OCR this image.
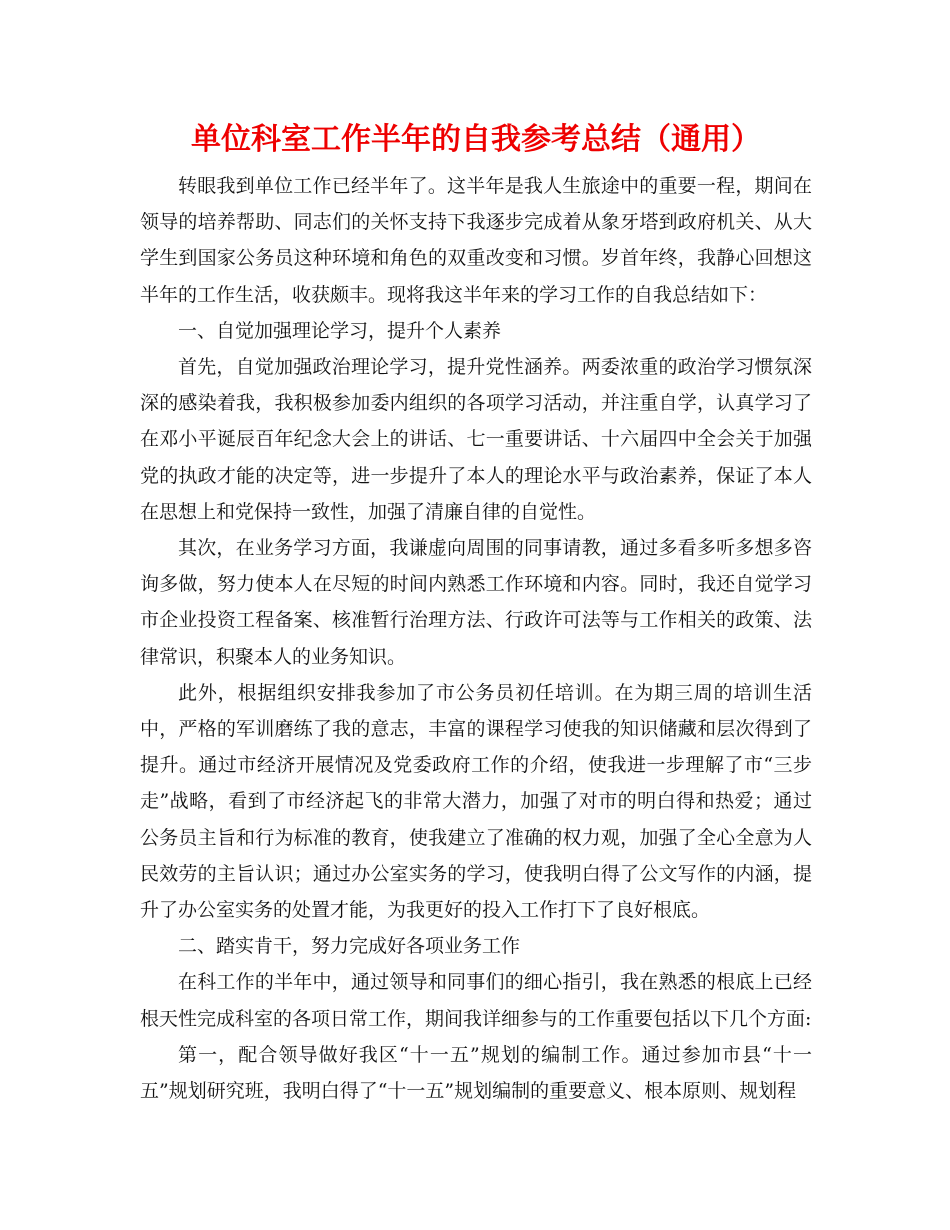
单位科室工作半年的自我参考总结（通用）

转眼我到单位工作已经半年了。这半年是我人生旅途中的重要一程，期间在领导的培养帮助、同志们的关怀支持下我逐步完成着从象牙塔到政府机关、从大学生到国家公务员这种环境和角色的双重改变和习惯。岁首年终，我静心回想这半年的工作生活，收获颇丰。现将我这半年来的学习工作的自我总结如下：

一、自觉加强理论学习，提升个人素养

首先，自觉加强政治理论学习，提升党性涵养。两委浓重的政治学习惯氛深深的感染着我，我积极参加委内组织的各项学习活动，并注重自学，认真学习了在邓小平诞辰百年纪念大会上的讲话、七一重要讲话、十六届四中全会关于加强党的执政才能的决定等，进一步提升了本人的理论水平与政治素养，保证了本人在思想上和党保持一致性，加强了清廉自律的自觉性。

其次，在业务学习方面，我谦虚向周围的同事请教，通过多看多听多想多咨询多做，努力使本人在尽短的时间内熟悉工作环境和内容。同时，我还自觉学习市企业投资工程备案、核准暂行治理方法、行政许可法等与工作相关的政策、法律常识，积聚本人的业务知识。

此外，根据组织安排我参加了市公务员初任培训。在为期三周的培训生活中，严格的军训磨练了我的意志，丰富的课程学习使我的知识储藏和层次得到了提升。通过市经济开展情况及党委政府工作的介绍，使我进一步理解了市“三步走”战略，看到了市经济起飞的非常大潜力，加强了对市的明白得和热爱；通过公务员主旨和行为标准的教育，使我建立了准确的权力观，加强了全心全意为人民效劳的主旨认识；通过办公室实务的学习，使我明白得了公文写作的内涵，提升了办公室实务的处置才能，为我更好的投入工作打下了良好根底。

二、踏实肯干，努力完成好各项业务工作

在科工作的半年中，通过领导和同事们的细心指引，我在熟悉的根底上已经根天性完成科室的各项日常工作，期间我详细参与的工作重要包括以下几个方面:

第一，配合领导做好我区“十一五”规划的编制工作。通过参加市县“十一五”规划研究班，我明白得了“十一五”规划编制的重要意义、根本原则、规划程
